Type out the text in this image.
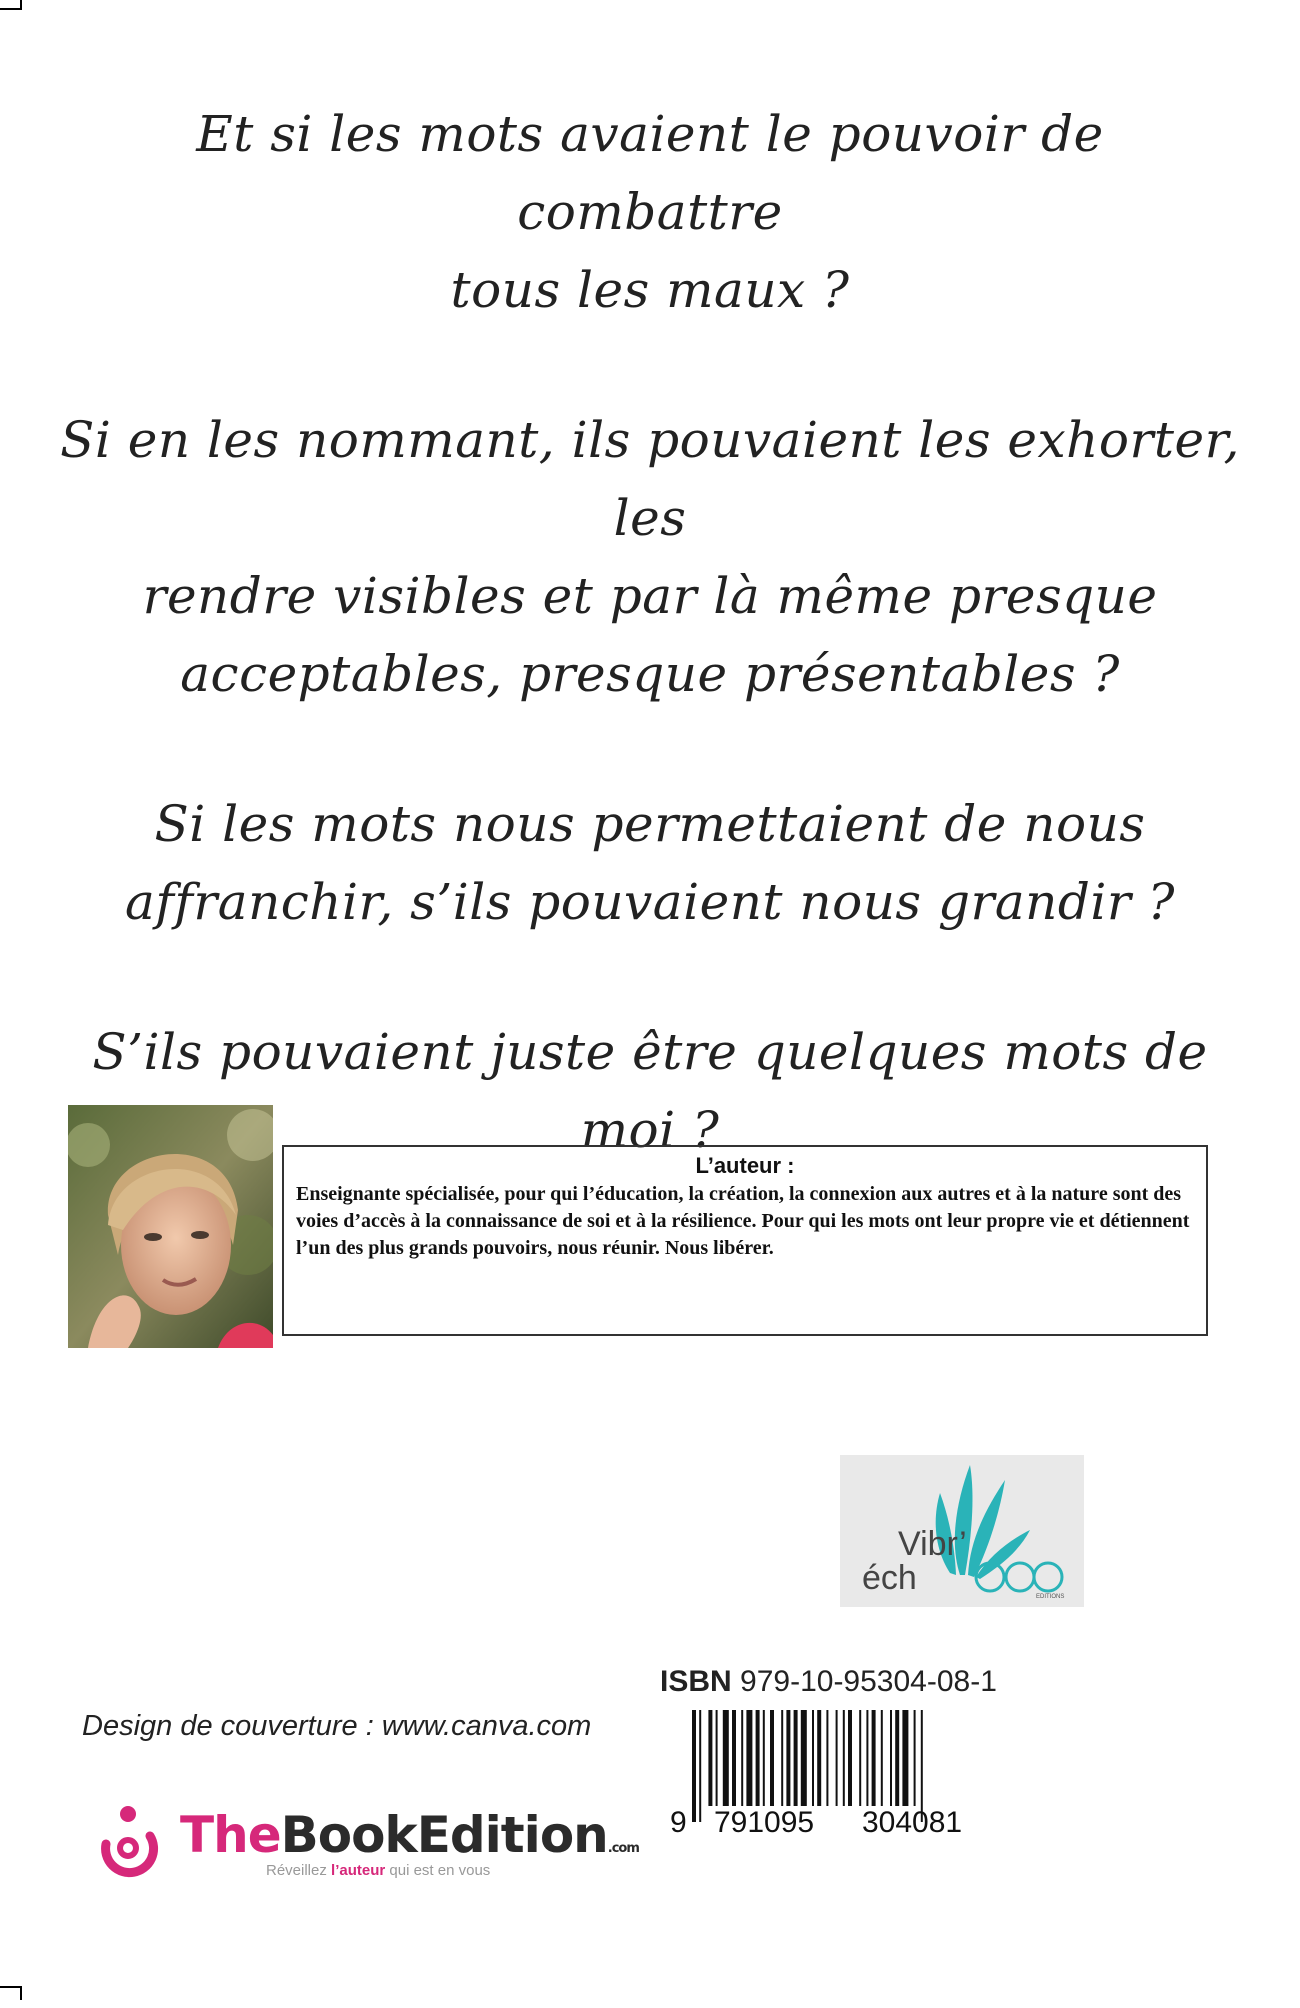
Et si les mots avaient le pouvoir de combattre
tous les maux ?
Si en les nommant, ils pouvaient les exhorter, les
rendre visibles et par là même presque
acceptables, presque présentables ?
Si les mots nous permettaient de nous
affranchir, s’ils pouvaient nous grandir ?
S’ils pouvaient juste être quelques mots de moi ?
L’auteur :
Enseignante spécialisée, pour qui l’éducation, la création, la connexion aux autres et à la nature sont des voies d’accès à la connaissance de soi et à la résilience. Pour qui les mots ont leur propre vie et détiennent l’un des plus grands pouvoirs, nous réunir. Nous libérer.
Vibr’
éch	EDITIONS
ISBN 979-10-95304-08-1
Design de couverture : www.canva.com
9 791095 304081
TheBookEdition.com
Réveillez l’auteur qui est en vous
